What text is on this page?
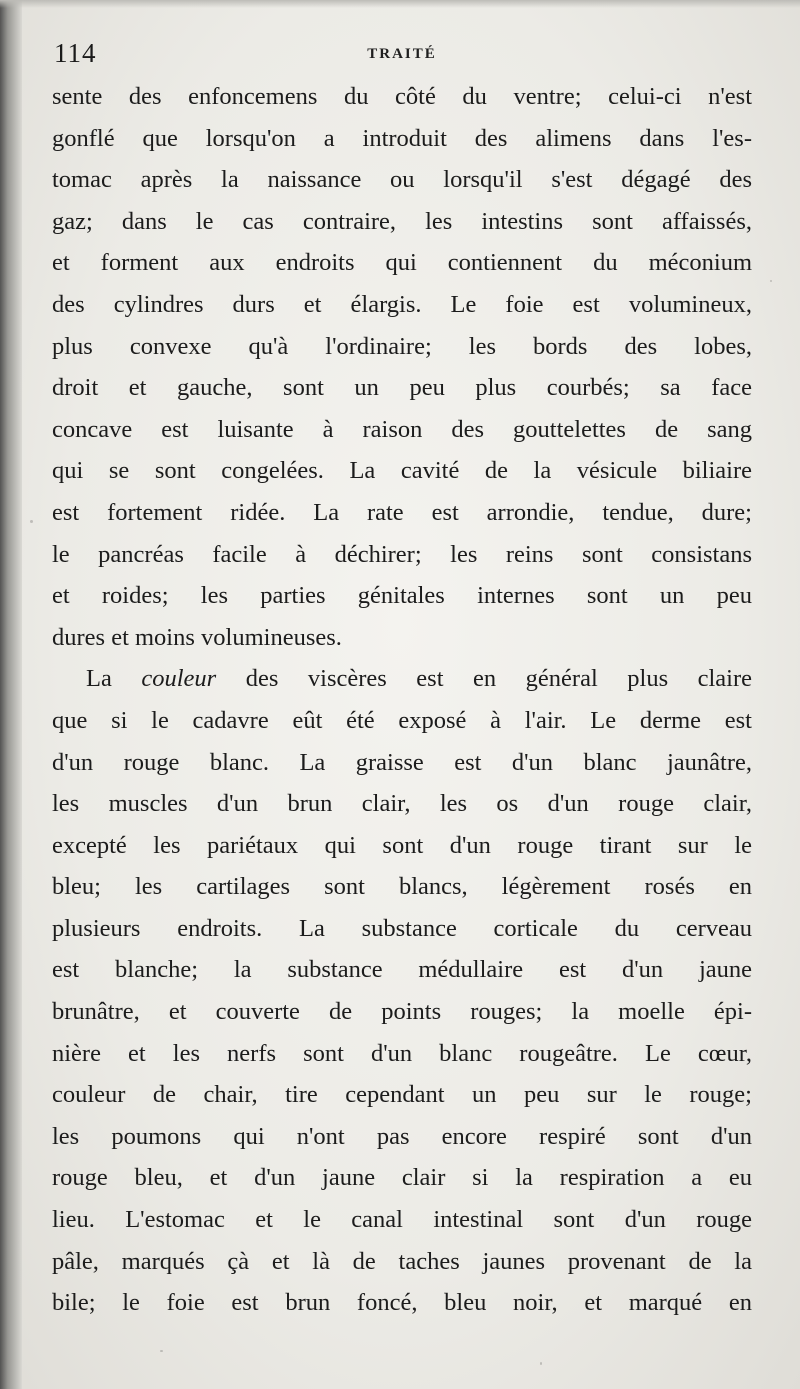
114	TRAITÉ
sente des enfoncemens du côté du ventre; celui-ci n'est
gonflé que lorsqu'on a introduit des alimens dans l'es-
tomac après la naissance ou lorsqu'il s'est dégagé des
gaz; dans le cas contraire, les intestins sont affaissés,
et forment aux endroits qui contiennent du méconium
des cylindres durs et élargis. Le foie est volumineux,
plus convexe qu'à l'ordinaire; les bords des lobes,
droit et gauche, sont un peu plus courbés; sa face
concave est luisante à raison des gouttelettes de sang
qui se sont congelées. La cavité de la vésicule biliaire
est fortement ridée. La rate est arrondie, tendue, dure;
le pancréas facile à déchirer; les reins sont consistans
et roides; les parties génitales internes sont un peu
dures et moins volumineuses.
La couleur des viscères est en général plus claire
que si le cadavre eût été exposé à l'air. Le derme est
d'un rouge blanc. La graisse est d'un blanc jaunâtre,
les muscles d'un brun clair, les os d'un rouge clair,
excepté les pariétaux qui sont d'un rouge tirant sur le
bleu; les cartilages sont blancs, légèrement rosés en
plusieurs endroits. La substance corticale du cerveau
est blanche; la substance médullaire est d'un jaune
brunâtre, et couverte de points rouges; la moelle épi-
nière et les nerfs sont d'un blanc rougeâtre. Le cœur,
couleur de chair, tire cependant un peu sur le rouge;
les poumons qui n'ont pas encore respiré sont d'un
rouge bleu, et d'un jaune clair si la respiration a eu
lieu. L'estomac et le canal intestinal sont d'un rouge
pâle, marqués çà et là de taches jaunes provenant de la
bile; le foie est brun foncé, bleu noir, et marqué en
